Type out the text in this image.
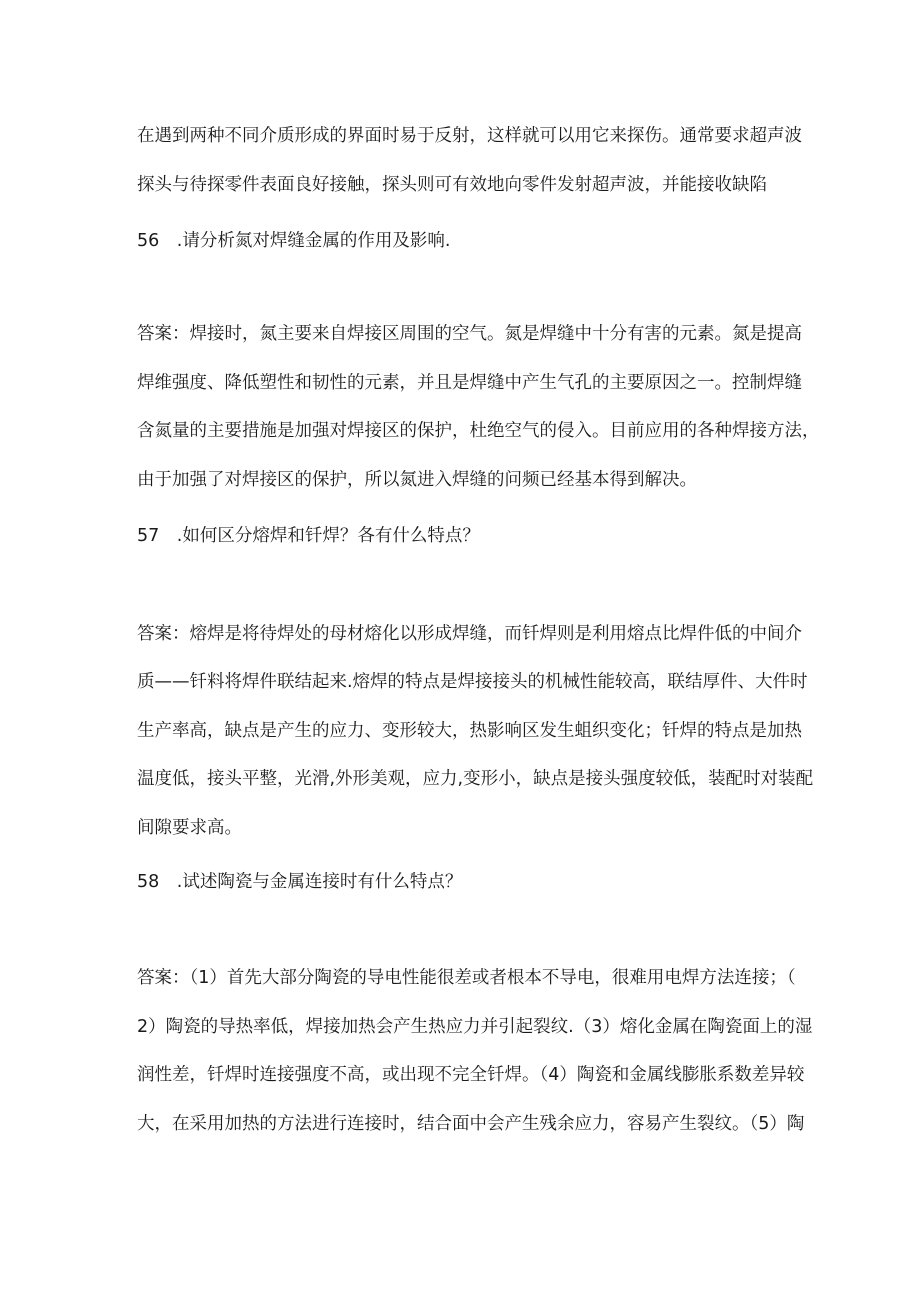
在遇到两种不同介质形成的界面时易于反射，这样就可以用它来探伤。通常要求超声波

探头与待探零件表面良好接触，探头则可有效地向零件发射超声波，并能接收缺陷

56　.请分析氮对焊缝金属的作用及影响.

答案：焊接时，氮主要来自焊接区周围的空气。氮是焊缝中十分有害的元素。氮是提高

焊维强度、降低塑性和韧性的元素，并且是焊缝中产生气孔的主要原因之一。控制焊缝

含氮量的主要措施是加强对焊接区的保护，杜绝空气的侵入。目前应用的各种焊接方法，

由于加强了对焊接区的保护，所以氮进入焊缝的问频已经基本得到解决。

57　.如何区分熔焊和钎焊？各有什么特点？

答案：熔焊是将待焊处的母材熔化以形成焊缝，而钎焊则是利用熔点比焊件低的中间介

质——钎料将焊件联结起来.熔焊的特点是焊接接头的机械性能较高，联结厚件、大件时

生产率高，缺点是产生的应力、变形较大，热影响区发生蛆织变化；钎焊的特点是加热

温度低，接头平整，光滑,外形美观，应力,变形小，缺点是接头强度较低，装配时对装配

间隙要求高。

58　.试述陶瓷与金属连接时有什么特点？

答案：（1）首先大部分陶瓷的导电性能很差或者根本不导电，很难用电焊方法连接；（

2）陶瓷的导热率低，焊接加热会产生热应力并引起裂纹.（3）熔化金属在陶瓷面上的湿

润性差，钎焊时连接强度不高，或出现不完全钎焊。（4）陶瓷和金属线膨胀系数差异较

大，在采用加热的方法进行连接时，结合面中会产生残余应力，容易产生裂纹。（5）陶
